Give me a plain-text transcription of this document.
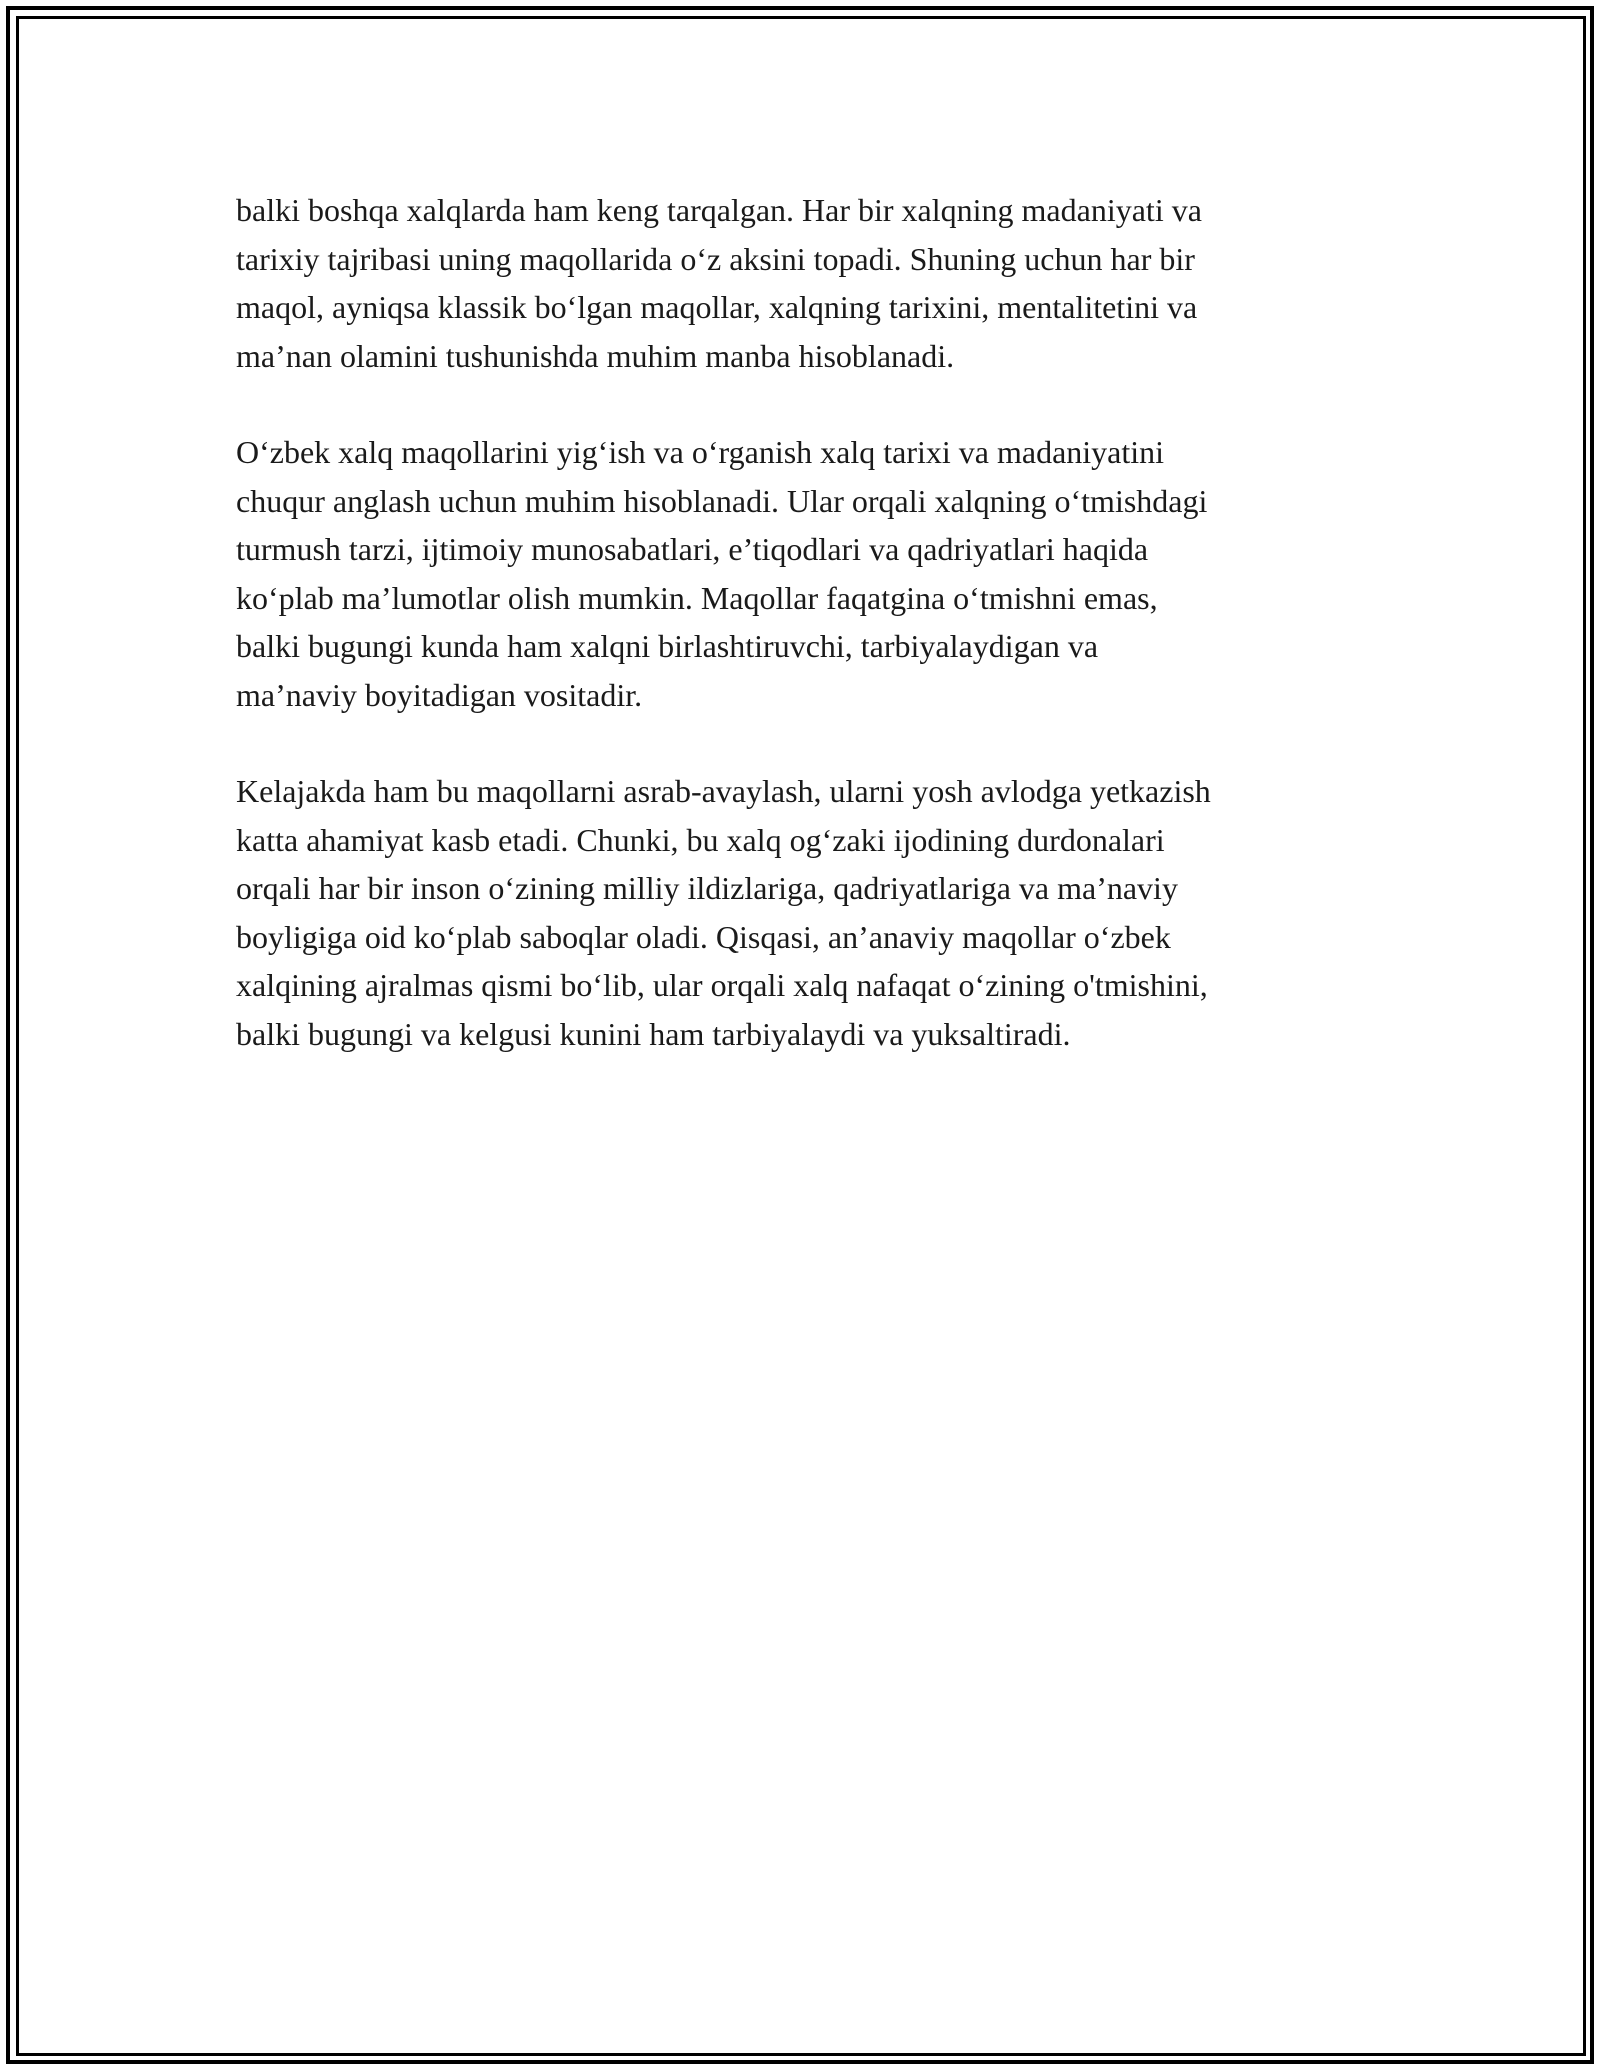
balki boshqa xalqlarda ham keng tarqalgan. Har bir xalqning madaniyati va
tarixiy tajribasi uning maqollarida oʻz aksini topadi. Shuning uchun har bir
maqol, ayniqsa klassik boʻlgan maqollar, xalqning tarixini, mentalitetini va
ma’nan olamini tushunishda muhim manba hisoblanadi.

Oʻzbek xalq maqollarini yigʻish va oʻrganish xalq tarixi va madaniyatini
chuqur anglash uchun muhim hisoblanadi. Ular orqali xalqning oʻtmishdagi
turmush tarzi, ijtimoiy munosabatlari, e’tiqodlari va qadriyatlari haqida
koʻplab ma’lumotlar olish mumkin. Maqollar faqatgina oʻtmishni emas,
balki bugungi kunda ham xalqni birlashtiruvchi, tarbiyalaydigan va
ma’naviy boyitadigan vositadir.

Kelajakda ham bu maqollarni asrab-avaylash, ularni yosh avlodga yetkazish
katta ahamiyat kasb etadi. Chunki, bu xalq ogʻzaki ijodining durdonalari
orqali har bir inson oʻzining milliy ildizlariga, qadriyatlariga va ma’naviy
boyligiga oid koʻplab saboqlar oladi. Qisqasi, an’anaviy maqollar oʻzbek
xalqining ajralmas qismi boʻlib, ular orqali xalq nafaqat oʻzining o'tmishini,
balki bugungi va kelgusi kunini ham tarbiyalaydi va yuksaltiradi.
